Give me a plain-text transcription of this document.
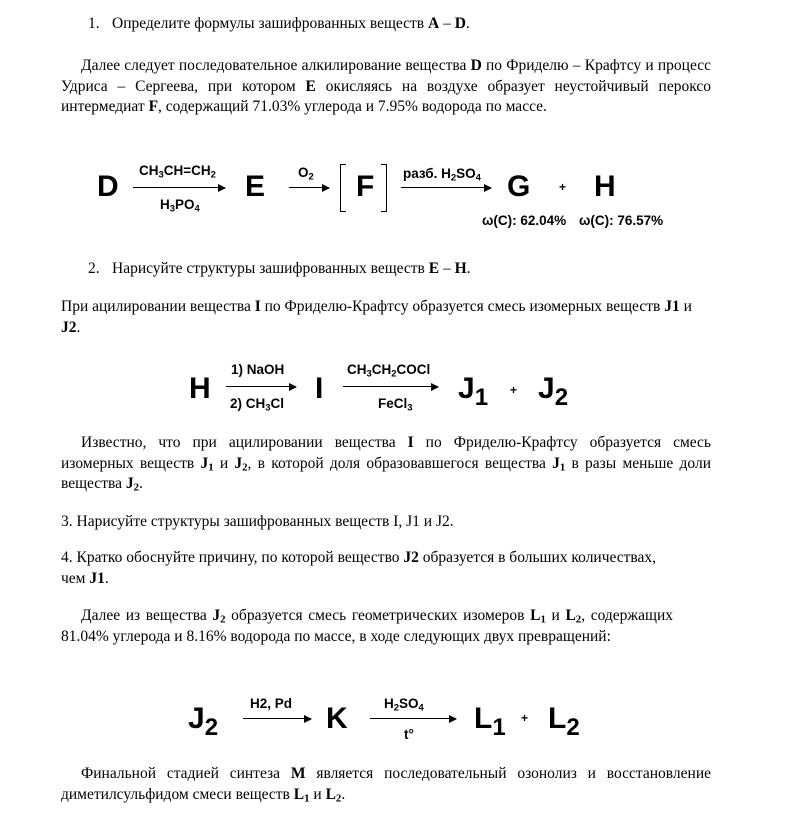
1. Определите формулы зашифрованных веществ A – D.

Далее следует последовательное алкилирование вещества D по Фриделю – Крафтсу и процесс Удриса – Сергеева, при котором E окисляясь на воздухе образует неустойчивый пероксо интермедиат F, содержащий 71.03% углерода и 7.95% водорода по массе.

D $CH_3CH=CH_2$
$H_3PO_4$
E $O_2$ F разб. $H_2SO_4$ G + H
ω(C): 62.04% ω(C): 76.57%
2. Нарисуйте структуры зашифрованных веществ E – H.

При ацилировании вещества I по Фриделю-Крафтсу образуется смесь изомерных веществ J1 и J2.

H
1) NaOH
2) $CH_3Cl$ I
$CH_3CH_2COCl$
FeCl$_3$
$J_1 + J_2$

Известно, что при ацилировании вещества I по Фриделю-Крафтсу образуется смесь изомерных веществ $J_1$ и $J_2$, в которой доля образовавшегося вещества $J_1$ в разы меньше доли вещества $J_2$.

3. Нарисуйте структуры зашифрованных веществ I, J1 и J2.

4. Кратко обоснуйте причину, по которой вещество J2 образуется в больших количествах, чем J1.

Далее из вещества $J_2$ образуется смесь геометрических изомеров $L_1$ и $L_2$, содержащих 81.04% углерода и 8.16% водорода по массе, в ходе следующих двух превращений:

$J_2$
H2, Pd K	$H_2SO_4$
t° $L_1 + L_2$

Финальной стадией синтеза M является последовательный озонолиз и восстановление диметилсульфидом смеси веществ $L_1$ и $L_2$.
